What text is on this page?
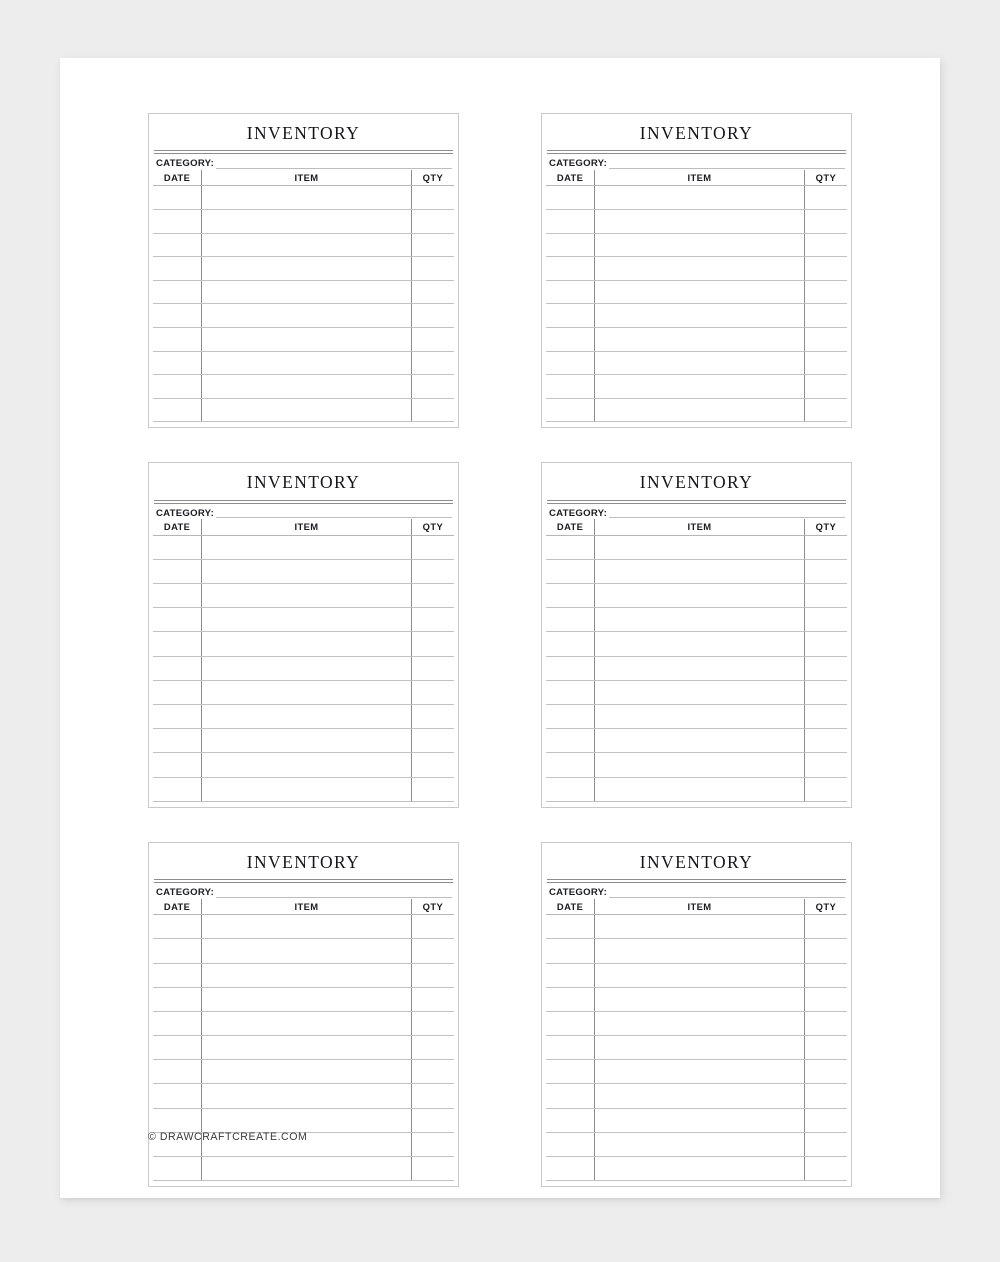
INVENTORY
CATEGORY:
DATE	ITEM	QTY

INVENTORY
CATEGORY:
DATE	ITEM	QTY

INVENTORY
CATEGORY:
DATE	ITEM	QTY

INVENTORY
CATEGORY:
DATE	ITEM	QTY

INVENTORY
CATEGORY:
DATE	ITEM	QTY

INVENTORY
CATEGORY:
DATE	ITEM	QTY

© DRAWCRAFTCREATE.COM
